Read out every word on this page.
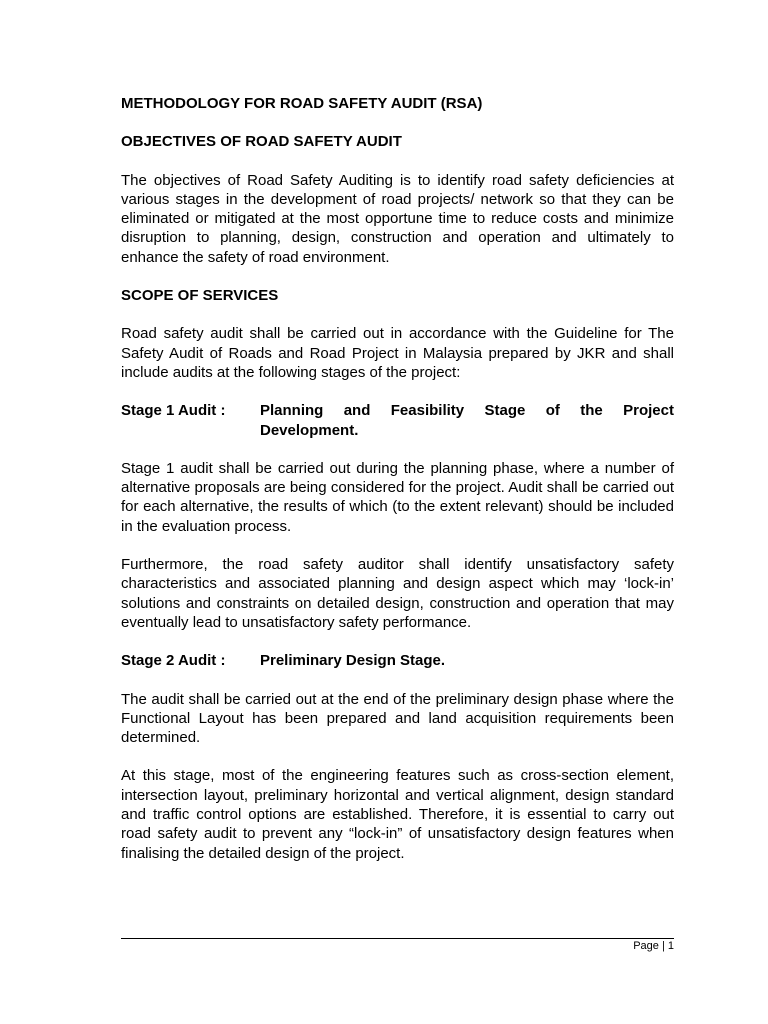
METHODOLOGY FOR ROAD SAFETY AUDIT (RSA)
OBJECTIVES OF ROAD SAFETY AUDIT
The objectives of Road Safety Auditing is to identify road safety deficiencies at various stages in the development of road projects/ network so that they can be eliminated or mitigated at the most opportune time to reduce costs and minimize disruption to planning, design, construction and operation and ultimately to enhance the safety of road environment.
SCOPE OF SERVICES
Road safety audit shall be carried out in accordance with the Guideline for The Safety Audit of Roads and Road Project in Malaysia prepared by JKR and shall include audits at the following stages of the project:
Stage 1 Audit :	Planning and Feasibility Stage of the Project Development.
Stage 1 audit shall be carried out during the planning phase, where a number of alternative proposals are being considered for the project. Audit shall be carried out for each alternative, the results of which (to the extent relevant) should be included in the evaluation process.
Furthermore, the road safety auditor shall identify unsatisfactory safety characteristics and associated planning and design aspect which may ‘lock-in’ solutions and constraints on detailed design, construction and operation that may eventually lead to unsatisfactory safety performance.
Stage 2 Audit :	Preliminary Design Stage.
The audit shall be carried out at the end of the preliminary design phase where the Functional Layout has been prepared and land acquisition requirements been determined.
At this stage, most of the engineering features such as cross-section element, intersection layout, preliminary horizontal and vertical alignment, design standard and traffic control options are established. Therefore, it is essential to carry out road safety audit to prevent any “lock-in” of unsatisfactory design features when finalising the detailed design of the project.
Page | 1
